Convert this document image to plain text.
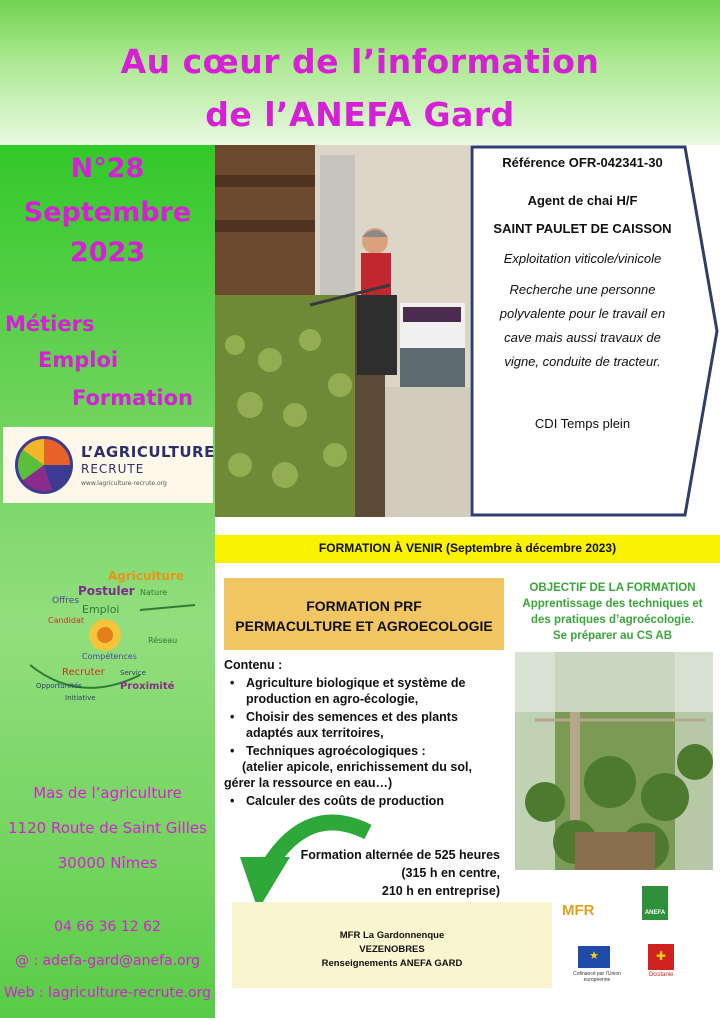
Au cœur de l’information
de l’ANEFA Gard
N°28
Septembre
2023
Métiers
Emploi
Formation
L’AGRICULTURE
RECRUTE
www.lagriculture-recrute.org
Agriculture
Postuler
Emploi
Offres
Candidat
Nature
Compétences
Réseau
Recruter
Proximité
Opportunités
Service
Initiative
Mas de l’agriculture
1120 Route de Saint Gilles
30000 Nîmes
04 66 36 12 62
@ : adefa-gard@anefa.org
Web : lagriculture-recrute.org
Référence OFR-042341-30
Agent de chai H/F
SAINT PAULET DE CAISSON
Exploitation viticole/vinicole
Recherche une personne
polyvalente pour le travail en
cave mais aussi travaux de
vigne, conduite de tracteur.
CDI Temps plein
FORMATION À VENIR (Septembre à décembre 2023)
FORMATION PRF
PERMACULTURE ET AGROECOLOGIE
Contenu :
• Agriculture biologique et système de
production en agro-écologie,
• Choisir des semences et des plants
adaptés aux territoires,
• Techniques agroécologiques :
(atelier apicole, enrichissement du sol,
gérer la ressource en eau…)
• Calculer des coûts de production
OBJECTIF DE LA FORMATION
Apprentissage des techniques et
des pratiques d’agroécologie.
Se préparer au CS AB
Formation alternée de 525 heures
(315 h en centre,
210 h en entreprise)
MFR La Gardonnenque
VEZENOBRES
Renseignements ANEFA GARD
MFR	ANEFA
★
Cofinancé par l’Union européenne
✚
Occitanie
